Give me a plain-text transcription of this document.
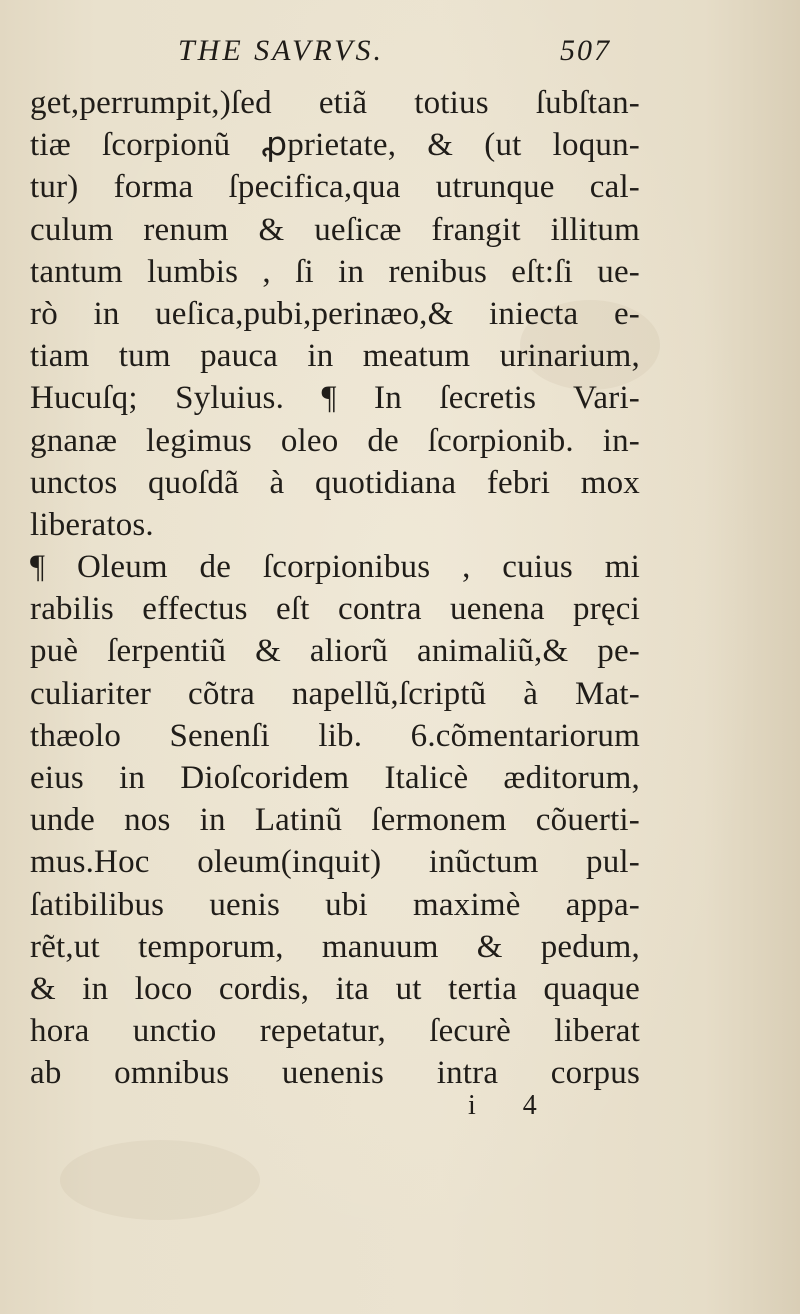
THE SAVRVS.	507
get,perrumpit,)ſed etiã totius ſubſtan-
tiæ ſcorpionũ ꝓprietate, & (ut loqun-
tur) forma ſpecifica,qua utrunque cal-
culum renum & ueſicæ frangit illitum
tantum lumbis , ſi in renibus eſt:ſi ue-
rò in ueſica,pubi,perinæo,& iniecta e-
tiam tum pauca in meatum urinarium,
Hucuſq; Syluius. ¶ In ſecretis Vari-
gnanæ legimus oleo de ſcorpionib. in-
unctos quoſdã à quotidiana febri mox
liberatos.
¶ Oleum de ſcorpionibus , cuius mi
rabilis effectus eſt contra uenena pręci
puè ſerpentiũ & aliorũ animaliũ,& pe-
culiariter cõtra napellũ,ſcriptũ à Mat-
thæolo Senenſi lib. 6.cõmentariorum
eius in Dioſcoridem Italicè æditorum,
unde nos in Latinũ ſermonem cõuerti-
mus.Hoc oleum(inquit) inũctum pul-
ſatibilibus uenis ubi maximè appa-
rẽt,ut temporum, manuum & pedum,
& in loco cordis, ita ut tertia quaque
hora unctio repetatur, ſecurè liberat
ab omnibus uenenis intra corpus
i 4
